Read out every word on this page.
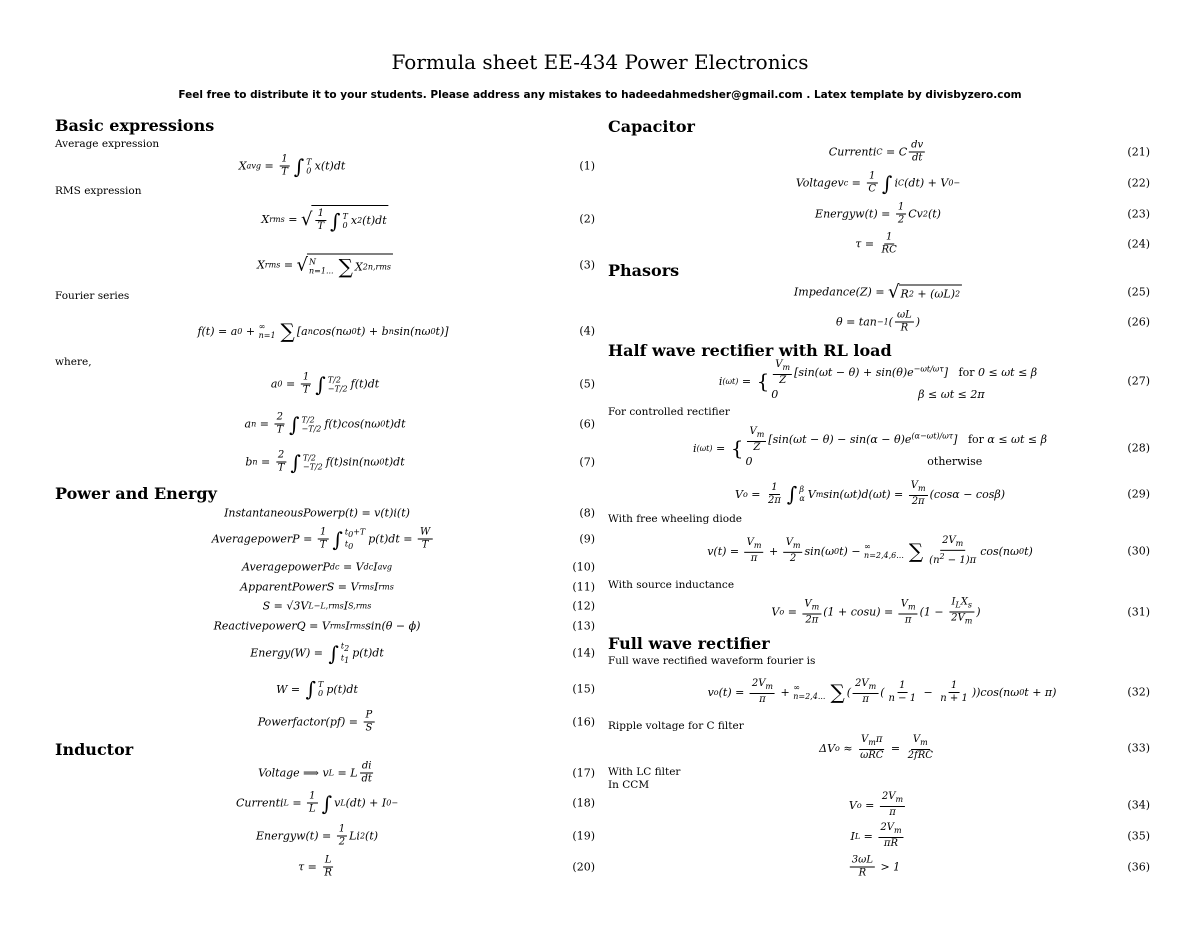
Formula sheet EE-434 Power Electronics
Feel free to distribute it to your students. Please address any mistakes to hadeedahmedsher@gmail.com . Latex template by divisbyzero.com
Basic expressions
Average expression
X avg = $\frac{1}{T}$ ∫ T
0 x(t)dt	(1)
RMS expression
X rms = √ $\frac{1}{T}$ ∫ T
0 x 2 (t)dt	(2)
X rms = √ N
n=1... ∑ X 2 n,rms	(3)
Fourier series
f(t) = a 0 + ∞
n=1 ∑ [a n cos(nω 0 t) + b n sin(nω 0 t)]	(4)
where,
a $0 = \frac{1}{T}$ ∫ T/2
−T/2 f(t)dt	(5)
a $n = \frac{2}{T}$ ∫ T/2
−T/2 f(t)cos(nω 0 t)dt	(6)
b $n = \frac{2}{T}$ ∫ T/2
−T/2 f(t)sin(nω 0 t)dt	(7)
Power and Energy
InstantaneousPowerp(t) = v(t)i(t)	(8)
AveragepowerP = $\frac{1}{T}$ ∫ $t_0+T$
$t_0$
$p(t)dt = \frac{W}{T}$	(9)
AveragepowerP dc = V dc I avg	(10)
ApparentPowerS = V rms I rms	(11)
S = √3V L−L,rms I S,rms	(12)
ReactivepowerQ = V rms I rms sin(θ − ϕ)	(13)
Energy(W) = ∫ $t_2$
$t_1$
p(t)dt	(14)
W = ∫ T
0 p(t)dt	(15)
Powerfactor(pf) = $\frac{P}{S}$	(16)
Inductor
Voltage ⟹ v L = L $\frac{di}{dt}$	(17)
Currenti $L = \frac{1}{L}$ ∫ v L (dt) + I 0−	(18)
Energyw(t) = $\frac{1}{2}$ Li 2 (t)	(19)
$\tau = \frac{L}{R}$	(20)
Capacitor
Currenti C = C $\frac{dv}{dt}$	(21)
Voltagev $c = \frac{1}{C}$ ∫ i C (dt) + V 0−	(22)
Energyw(t) = $\frac{1}{2}$ Cv 2 (t)	(23)
$\tau = \frac{1}{RC}$	(24)
Phasors
Impedance(Z) = √ R 2 + (ωL) 2	(25)
θ = tan −1 ( $\frac{\omega L}{R}$ )	(26)
Half wave rectifier with RL load
i (ωt) = { $\frac{V_m}{Z} [\sin(\omega t - \theta) + \sin(\theta)e^{-\omega t/\omega\tau}]$   for 0 ≤ ωt ≤ β
0                                        β ≤ ωt ≤ 2π
(27)
For controlled rectifier
i (ωt) = { $\frac{V_m}{Z} [\sin(\omega t - \theta) - \sin(\alpha - \theta)e^{(\alpha-\omega t)/\omega\tau}]$   for α ≤ ωt ≤ β
0                                                  otherwise
(28)
V $o = \frac{1}{2\pi}$ ∫ β
α V m $\sin(\omega t)d(\omega t) = \frac{V_m}{2\pi} (\cos\alpha - \cos\beta)$	(29)
With free wheeling diode
$v(t) = \frac{V_m}{\pi} + \frac{V_m}{2} \sin(\omega$ 0 t) − ∞
n=2,4,6... ∑ $\frac{2V_m}{(n^2 - 1)\pi} \cos(n\omega$ 0 t)	(30)
With source inductance
V $o = \frac{V_m}{2\pi} (1 + \cos u) = \frac{V_m}{\pi} (1 - \frac{I_LX_s}{2V_m}$ )	(31)
Full wave rectifier
Full wave rectified waveform fourier is
v o $(t) = \frac{2V_m}{\pi}$ + ∞
n=2,4... ∑ ( $\frac{2V_m}{\pi}$ ( $\frac{1}{n - 1} - \frac{1}{n + 1} ))\cos(n\omega$ 0 t + π)	(32)
Ripple voltage for C filter
ΔV $o \approx \frac{V_m\pi}{\text{ωRC}} = \frac{V_m}{\text{2fRC}}$	(33)
With LC filter
In CCM
V $o = \frac{2V_m}{\pi}$	(34)
I $L = \frac{2V_m}{\pi R}$	(35)
$\frac{3\omega L}{R} > 1$	(36)
